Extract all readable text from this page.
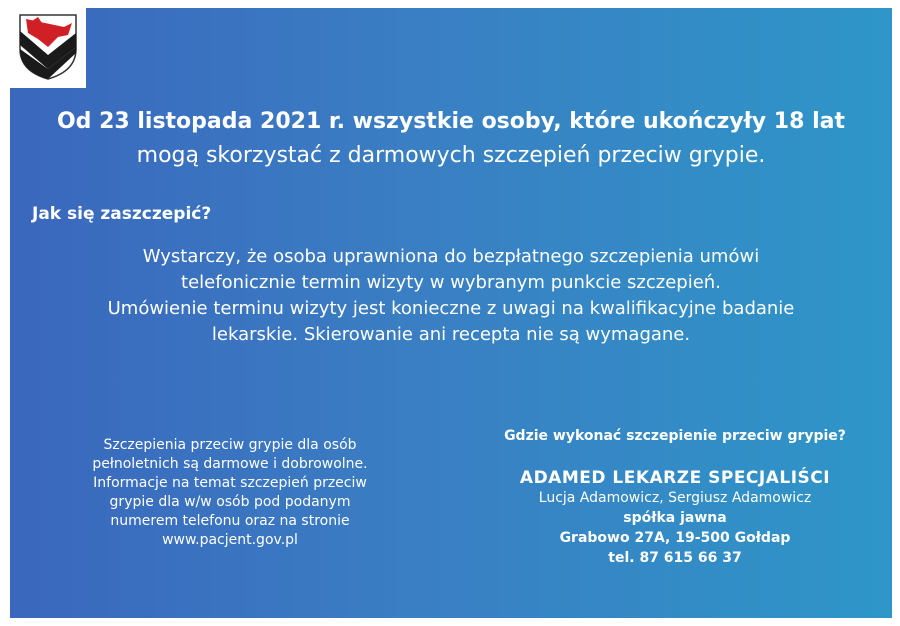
Od 23 listopada 2021 r. wszystkie osoby, które ukończyły 18 lat
mogą skorzystać z darmowych szczepień przeciw grypie.
Jak się zaszczepić?
Wystarczy, że osoba uprawniona do bezpłatnego szczepienia umówi
telefonicznie termin wizyty w wybranym punkcie szczepień.
Umówienie terminu wizyty jest konieczne z uwagi na kwalifikacyjne badanie
lekarskie. Skierowanie ani recepta nie są wymagane.
Szczepienia przeciw grypie dla osób
pełnoletnich są darmowe i dobrowolne.
Informacje na temat szczepień przeciw
grypie dla w/w osób pod podanym
numerem telefonu oraz na stronie
www.pacjent.gov.pl
Gdzie wykonać szczepienie przeciw grypie?
ADAMED LEKARZE SPECJALIŚCI
Lucja Adamowicz, Sergiusz Adamowicz
spółka jawna
Grabowo 27A, 19-500 Gołdap
tel. 87 615 66 37
